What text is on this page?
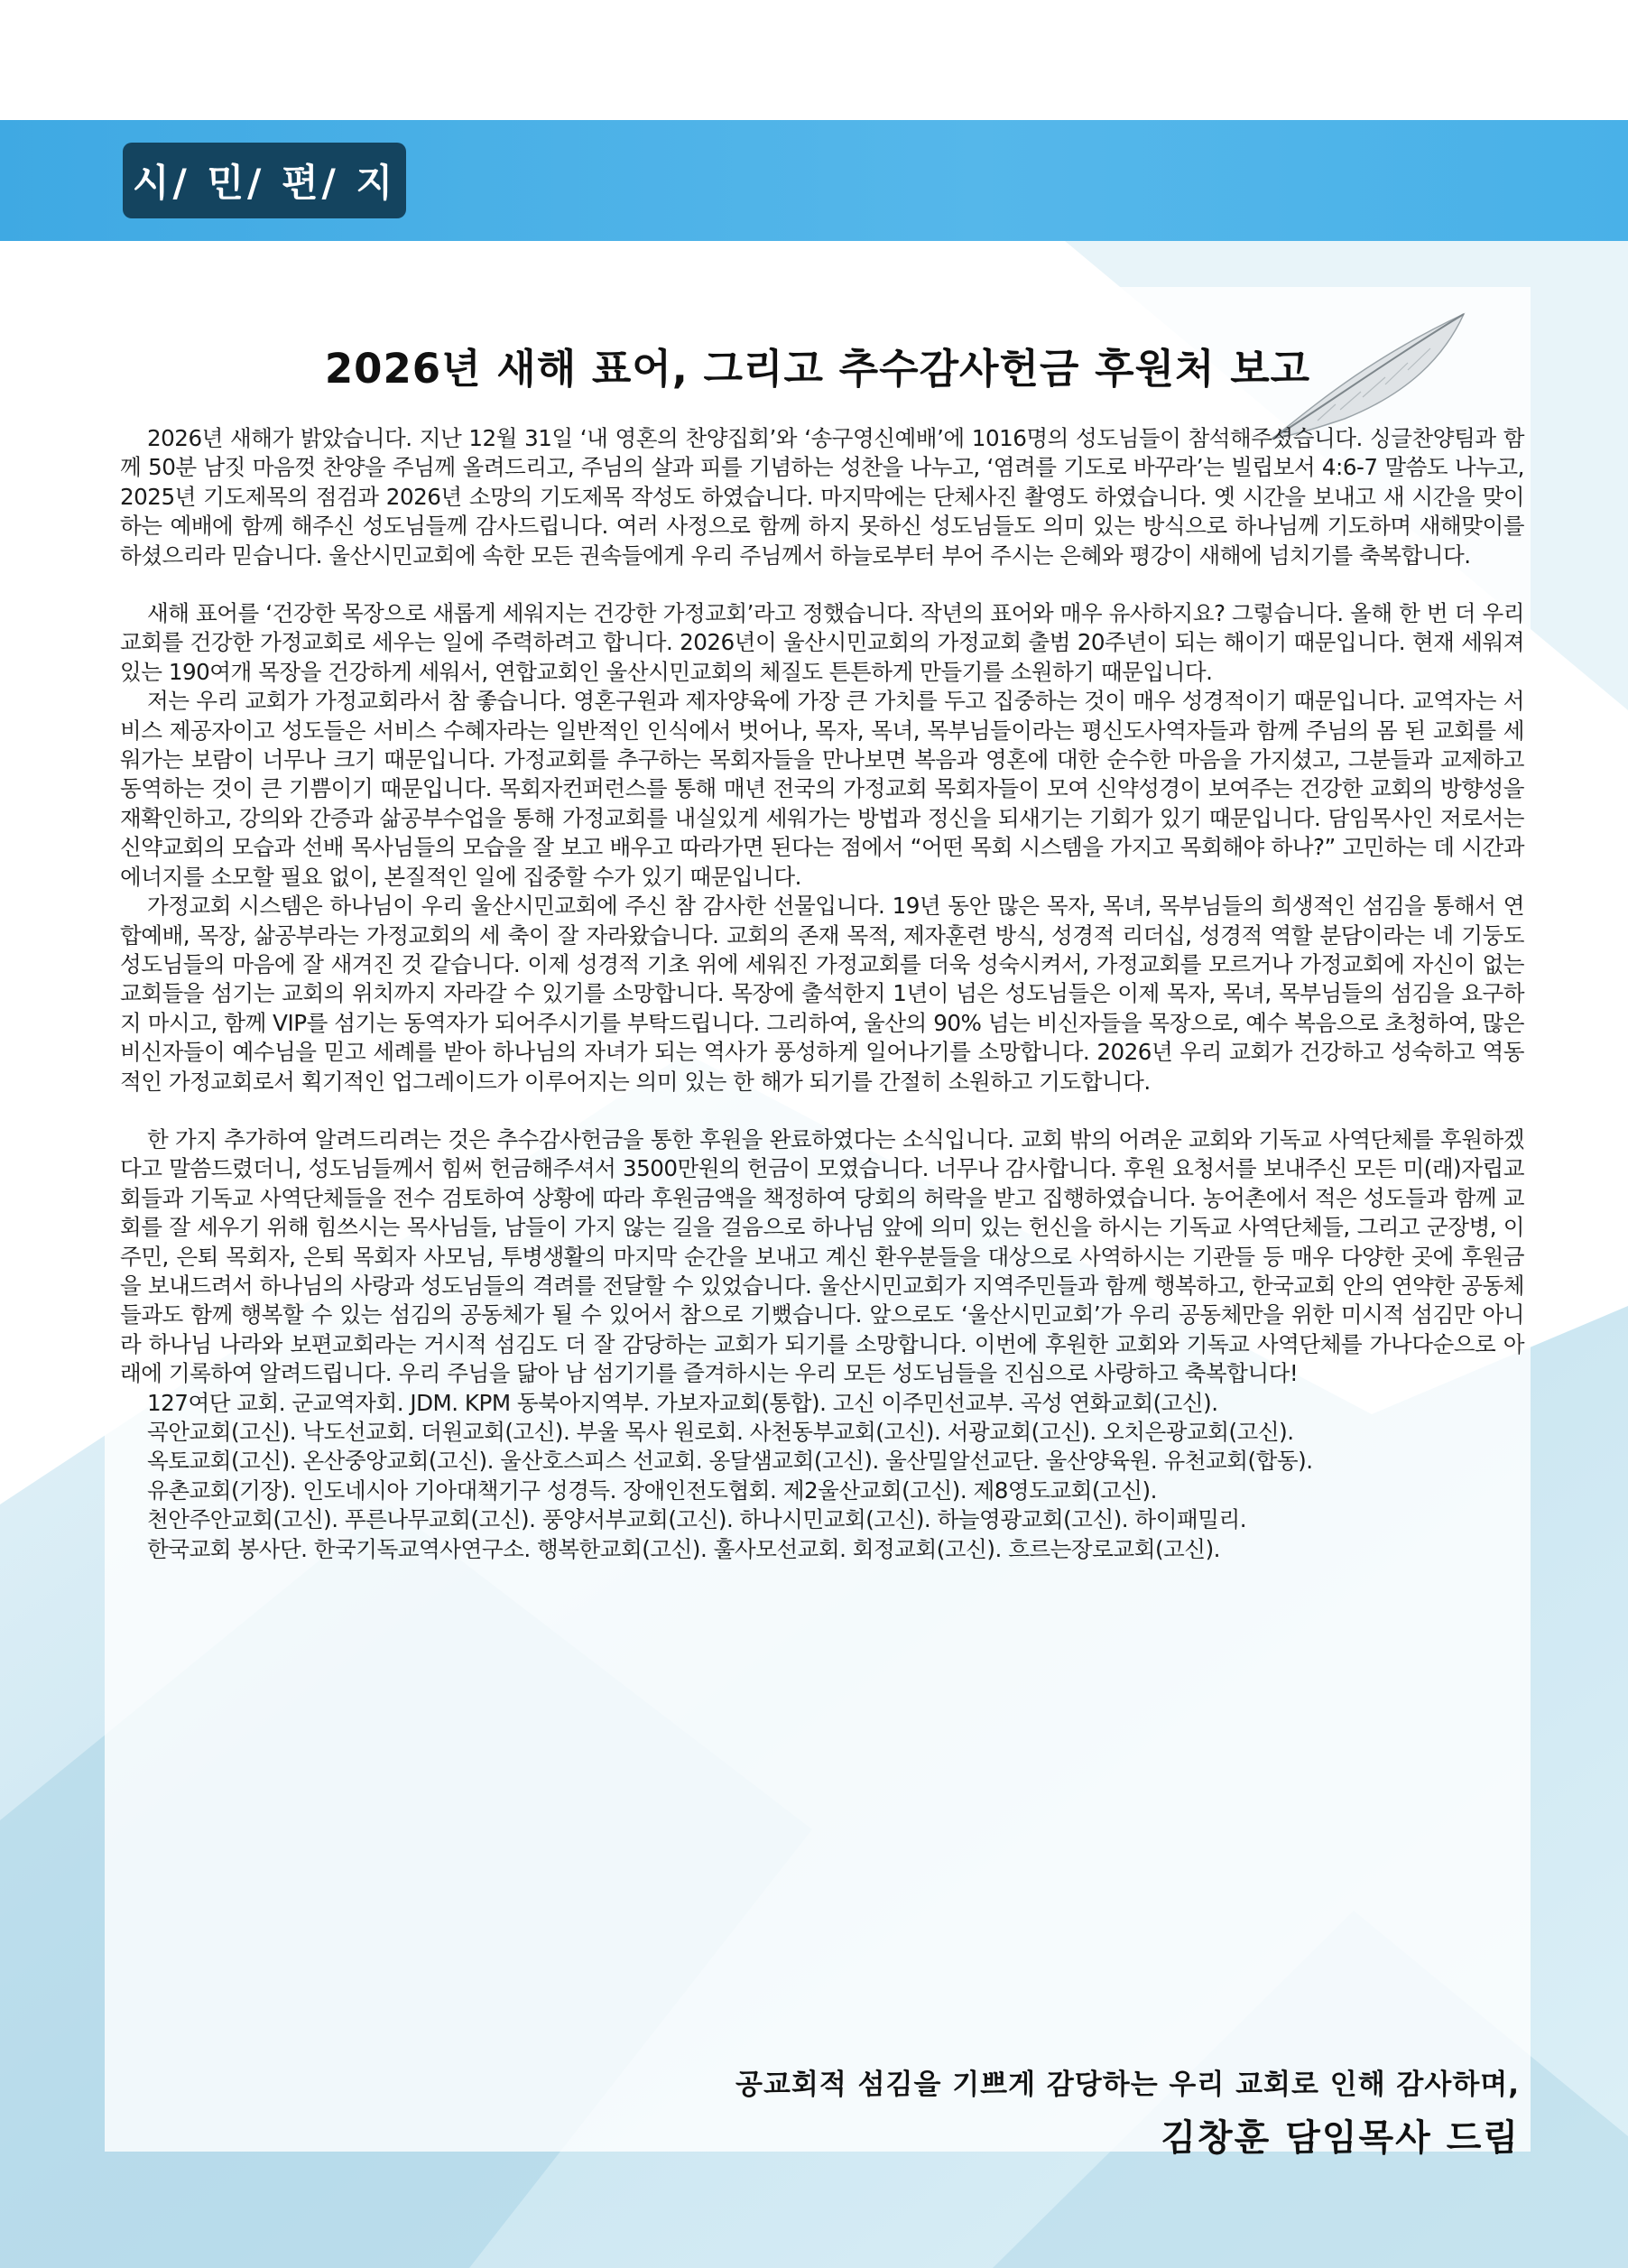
시/ 민/ 편/ 지
2026년 새해 표어, 그리고 추수감사헌금 후원처 보고

2026년 새해가 밝았습니다. 지난 12월 31일 ‘내 영혼의 찬양집회’와 ‘송구영신예배’에 1016명의 성도님들이 참석해주셨습니다. 싱글찬양팀과 함께 50분 남짓 마음껏 찬양을 주님께 올려드리고, 주님의 살과 피를 기념하는 성찬을 나누고, ‘염려를 기도로 바꾸라’는 빌립보서 4:6-7 말씀도 나누고, 2025년 기도제목의 점검과 2026년 소망의 기도제목 작성도 하였습니다. 마지막에는 단체사진 촬영도 하였습니다. 옛 시간을 보내고 새 시간을 맞이하는 예배에 함께 해주신 성도님들께 감사드립니다. 여러 사정으로 함께 하지 못하신 성도님들도 의미 있는 방식으로 하나님께 기도하며 새해맞이를 하셨으리라 믿습니다. 울산시민교회에 속한 모든 권속들에게 우리 주님께서 하늘로부터 부어 주시는 은혜와 평강이 새해에 넘치기를 축복합니다.

새해 표어를 ‘건강한 목장으로 새롭게 세워지는 건강한 가정교회’라고 정했습니다. 작년의 표어와 매우 유사하지요? 그렇습니다. 올해 한 번 더 우리 교회를 건강한 가정교회로 세우는 일에 주력하려고 합니다. 2026년이 울산시민교회의 가정교회 출범 20주년이 되는 해이기 때문입니다. 현재 세워져 있는 190여개 목장을 건강하게 세워서, 연합교회인 울산시민교회의 체질도 튼튼하게 만들기를 소원하기 때문입니다.

저는 우리 교회가 가정교회라서 참 좋습니다. 영혼구원과 제자양육에 가장 큰 가치를 두고 집중하는 것이 매우 성경적이기 때문입니다. 교역자는 서비스 제공자이고 성도들은 서비스 수혜자라는 일반적인 인식에서 벗어나, 목자, 목녀, 목부님들이라는 평신도사역자들과 함께 주님의 몸 된 교회를 세워가는 보람이 너무나 크기 때문입니다. 가정교회를 추구하는 목회자들을 만나보면 복음과 영혼에 대한 순수한 마음을 가지셨고, 그분들과 교제하고 동역하는 것이 큰 기쁨이기 때문입니다. 목회자컨퍼런스를 통해 매년 전국의 가정교회 목회자들이 모여 신약성경이 보여주는 건강한 교회의 방향성을 재확인하고, 강의와 간증과 삶공부수업을 통해 가정교회를 내실있게 세워가는 방법과 정신을 되새기는 기회가 있기 때문입니다. 담임목사인 저로서는 신약교회의 모습과 선배 목사님들의 모습을 잘 보고 배우고 따라가면 된다는 점에서 “어떤 목회 시스템을 가지고 목회해야 하나?” 고민하는 데 시간과 에너지를 소모할 필요 없이, 본질적인 일에 집중할 수가 있기 때문입니다.

가정교회 시스템은 하나님이 우리 울산시민교회에 주신 참 감사한 선물입니다. 19년 동안 많은 목자, 목녀, 목부님들의 희생적인 섬김을 통해서 연합예배, 목장, 삶공부라는 가정교회의 세 축이 잘 자라왔습니다. 교회의 존재 목적, 제자훈련 방식, 성경적 리더십, 성경적 역할 분담이라는 네 기둥도 성도님들의 마음에 잘 새겨진 것 같습니다. 이제 성경적 기초 위에 세워진 가정교회를 더욱 성숙시켜서, 가정교회를 모르거나 가정교회에 자신이 없는 교회들을 섬기는 교회의 위치까지 자라갈 수 있기를 소망합니다. 목장에 출석한지 1년이 넘은 성도님들은 이제 목자, 목녀, 목부님들의 섬김을 요구하지 마시고, 함께 VIP를 섬기는 동역자가 되어주시기를 부탁드립니다. 그리하여, 울산의 90% 넘는 비신자들을 목장으로, 예수 복음으로 초청하여, 많은 비신자들이 예수님을 믿고 세례를 받아 하나님의 자녀가 되는 역사가 풍성하게 일어나기를 소망합니다. 2026년 우리 교회가 건강하고 성숙하고 역동적인 가정교회로서 획기적인 업그레이드가 이루어지는 의미 있는 한 해가 되기를 간절히 소원하고 기도합니다.

한 가지 추가하여 알려드리려는 것은 추수감사헌금을 통한 후원을 완료하였다는 소식입니다. 교회 밖의 어려운 교회와 기독교 사역단체를 후원하겠다고 말씀드렸더니, 성도님들께서 힘써 헌금해주셔서 3500만원의 헌금이 모였습니다. 너무나 감사합니다. 후원 요청서를 보내주신 모든 미(래)자립교회들과 기독교 사역단체들을 전수 검토하여 상황에 따라 후원금액을 책정하여 당회의 허락을 받고 집행하였습니다. 농어촌에서 적은 성도들과 함께 교회를 잘 세우기 위해 힘쓰시는 목사님들, 남들이 가지 않는 길을 걸음으로 하나님 앞에 의미 있는 헌신을 하시는 기독교 사역단체들, 그리고 군장병, 이주민, 은퇴 목회자, 은퇴 목회자 사모님, 투병생활의 마지막 순간을 보내고 계신 환우분들을 대상으로 사역하시는 기관들 등 매우 다양한 곳에 후원금을 보내드려서 하나님의 사랑과 성도님들의 격려를 전달할 수 있었습니다. 울산시민교회가 지역주민들과 함께 행복하고, 한국교회 안의 연약한 공동체들과도 함께 행복할 수 있는 섬김의 공동체가 될 수 있어서 참으로 기뻤습니다. 앞으로도 ‘울산시민교회’가 우리 공동체만을 위한 미시적 섬김만 아니라 하나님 나라와 보편교회라는 거시적 섬김도 더 잘 감당하는 교회가 되기를 소망합니다. 이번에 후원한 교회와 기독교 사역단체를 가나다순으로 아래에 기록하여 알려드립니다. 우리 주님을 닮아 남 섬기기를 즐겨하시는 우리 모든 성도님들을 진심으로 사랑하고 축복합니다!

127여단 교회. 군교역자회. JDM. KPM 동북아지역부. 가보자교회(통합). 고신 이주민선교부. 곡성 연화교회(고신).

곡안교회(고신). 낙도선교회. 더원교회(고신). 부울 목사 원로회. 사천동부교회(고신). 서광교회(고신). 오치은광교회(고신).

옥토교회(고신). 온산중앙교회(고신). 울산호스피스 선교회. 옹달샘교회(고신). 울산밀알선교단. 울산양육원. 유천교회(합동).

유촌교회(기장). 인도네시아 기아대책기구 성경득. 장애인전도협회. 제2울산교회(고신). 제8영도교회(고신).

천안주안교회(고신). 푸른나무교회(고신). 풍양서부교회(고신). 하나시민교회(고신). 하늘영광교회(고신). 하이패밀리.

한국교회 봉사단. 한국기독교역사연구소. 행복한교회(고신). 훌사모선교회. 회정교회(고신). 흐르는장로교회(고신).

공교회적 섬김을 기쁘게 감당하는 우리 교회로 인해 감사하며,
김창훈 담임목사 드림
